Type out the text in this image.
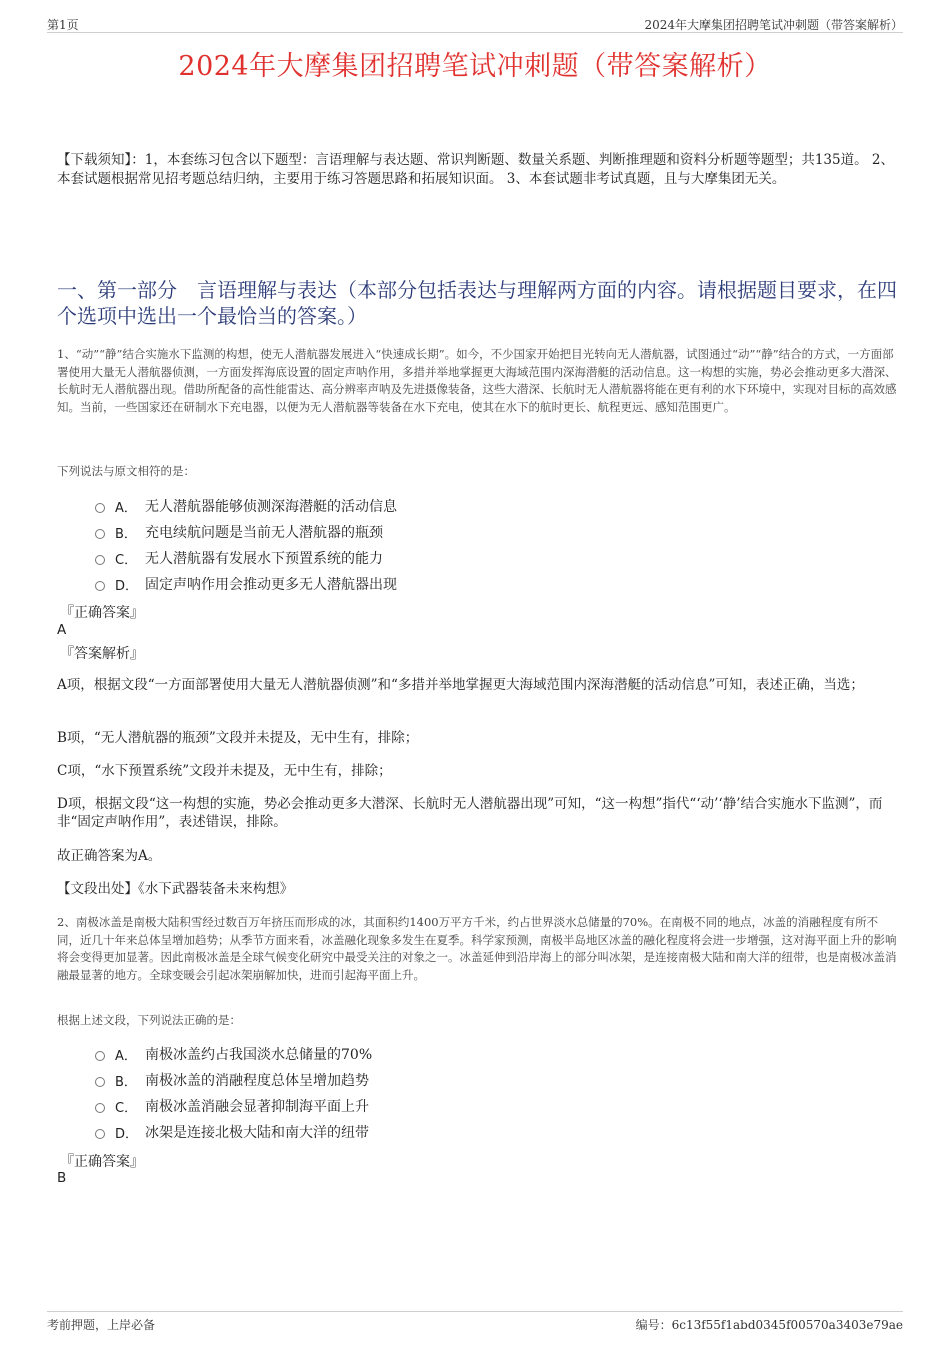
第1页	2024年大摩集团招聘笔试冲刺题（带答案解析）
2024年大摩集团招聘笔试冲刺题（带答案解析）
【下载须知】：1，本套练习包含以下题型：言语理解与表达题、常识判断题、数量关系题、判断推理题和资料分析题等题型；共135道。 2、本套试题根据常见招考题总结归纳，主要用于练习答题思路和拓展知识面。 3、本套试题非考试真题，且与大摩集团无关。
一、第一部分　言语理解与表达（本部分包括表达与理解两方面的内容。请根据题目要求，在四个选项中选出一个最恰当的答案。）
1、“动”“静”结合实施水下监测的构想，使无人潜航器发展进入“快速成长期”。如今，不少国家开始把目光转向无人潜航器，试图通过“动”“静”结合的方式，一方面部署使用大量无人潜航器侦测，一方面发挥海底设置的固定声呐作用，多措并举地掌握更大海域范围内深海潜艇的活动信息。这一构想的实施，势必会推动更多大潜深、长航时无人潜航器出现。借助所配备的高性能雷达、高分辨率声呐及先进摄像装备，这些大潜深、长航时无人潜航器将能在更有利的水下环境中，实现对目标的高效感知。当前，一些国家还在研制水下充电器，以便为无人潜航器等装备在水下充电，使其在水下的航时更长、航程更远、感知范围更广。
下列说法与原文相符的是：
A． 无人潜航器能够侦测深海潜艇的活动信息
B． 充电续航问题是当前无人潜航器的瓶颈
C． 无人潜航器有发展水下预置系统的能力
D． 固定声呐作用会推动更多无人潜航器出现
『正确答案』
A
『答案解析』
A项，根据文段“一方面部署使用大量无人潜航器侦测”和“多措并举地掌握更大海域范围内深海潜艇的活动信息”可知，表述正确，当选；
B项，“无人潜航器的瓶颈”文段并未提及，无中生有，排除；
C项，“水下预置系统”文段并未提及，无中生有，排除；
D项，根据文段“这一构想的实施，势必会推动更多大潜深、长航时无人潜航器出现”可知，“这一构想”指代“‘动’‘静’结合实施水下监测”，而非“固定声呐作用”，表述错误，排除。
故正确答案为A。
【文段出处】《水下武器装备未来构想》
2、南极冰盖是南极大陆积雪经过数百万年挤压而形成的冰，其面积约1400万平方千米，约占世界淡水总储量的70%。在南极不同的地点，冰盖的消融程度有所不同，近几十年来总体呈增加趋势；从季节方面来看，冰盖融化现象多发生在夏季。科学家预测，南极半岛地区冰盖的融化程度将会进一步增强，这对海平面上升的影响将会变得更加显著。因此南极冰盖是全球气候变化研究中最受关注的对象之一。冰盖延伸到沿岸海上的部分叫冰架，是连接南极大陆和南大洋的纽带，也是南极冰盖消融最显著的地方。全球变暖会引起冰架崩解加快，进而引起海平面上升。
根据上述文段，下列说法正确的是：
A． 南极冰盖约占我国淡水总储量的70%
B． 南极冰盖的消融程度总体呈增加趋势
C． 南极冰盖消融会显著抑制海平面上升
D． 冰架是连接北极大陆和南大洋的纽带
『正确答案』
B
考前押题，上岸必备	编号：6c13f55f1abd0345f00570a3403e79ae
